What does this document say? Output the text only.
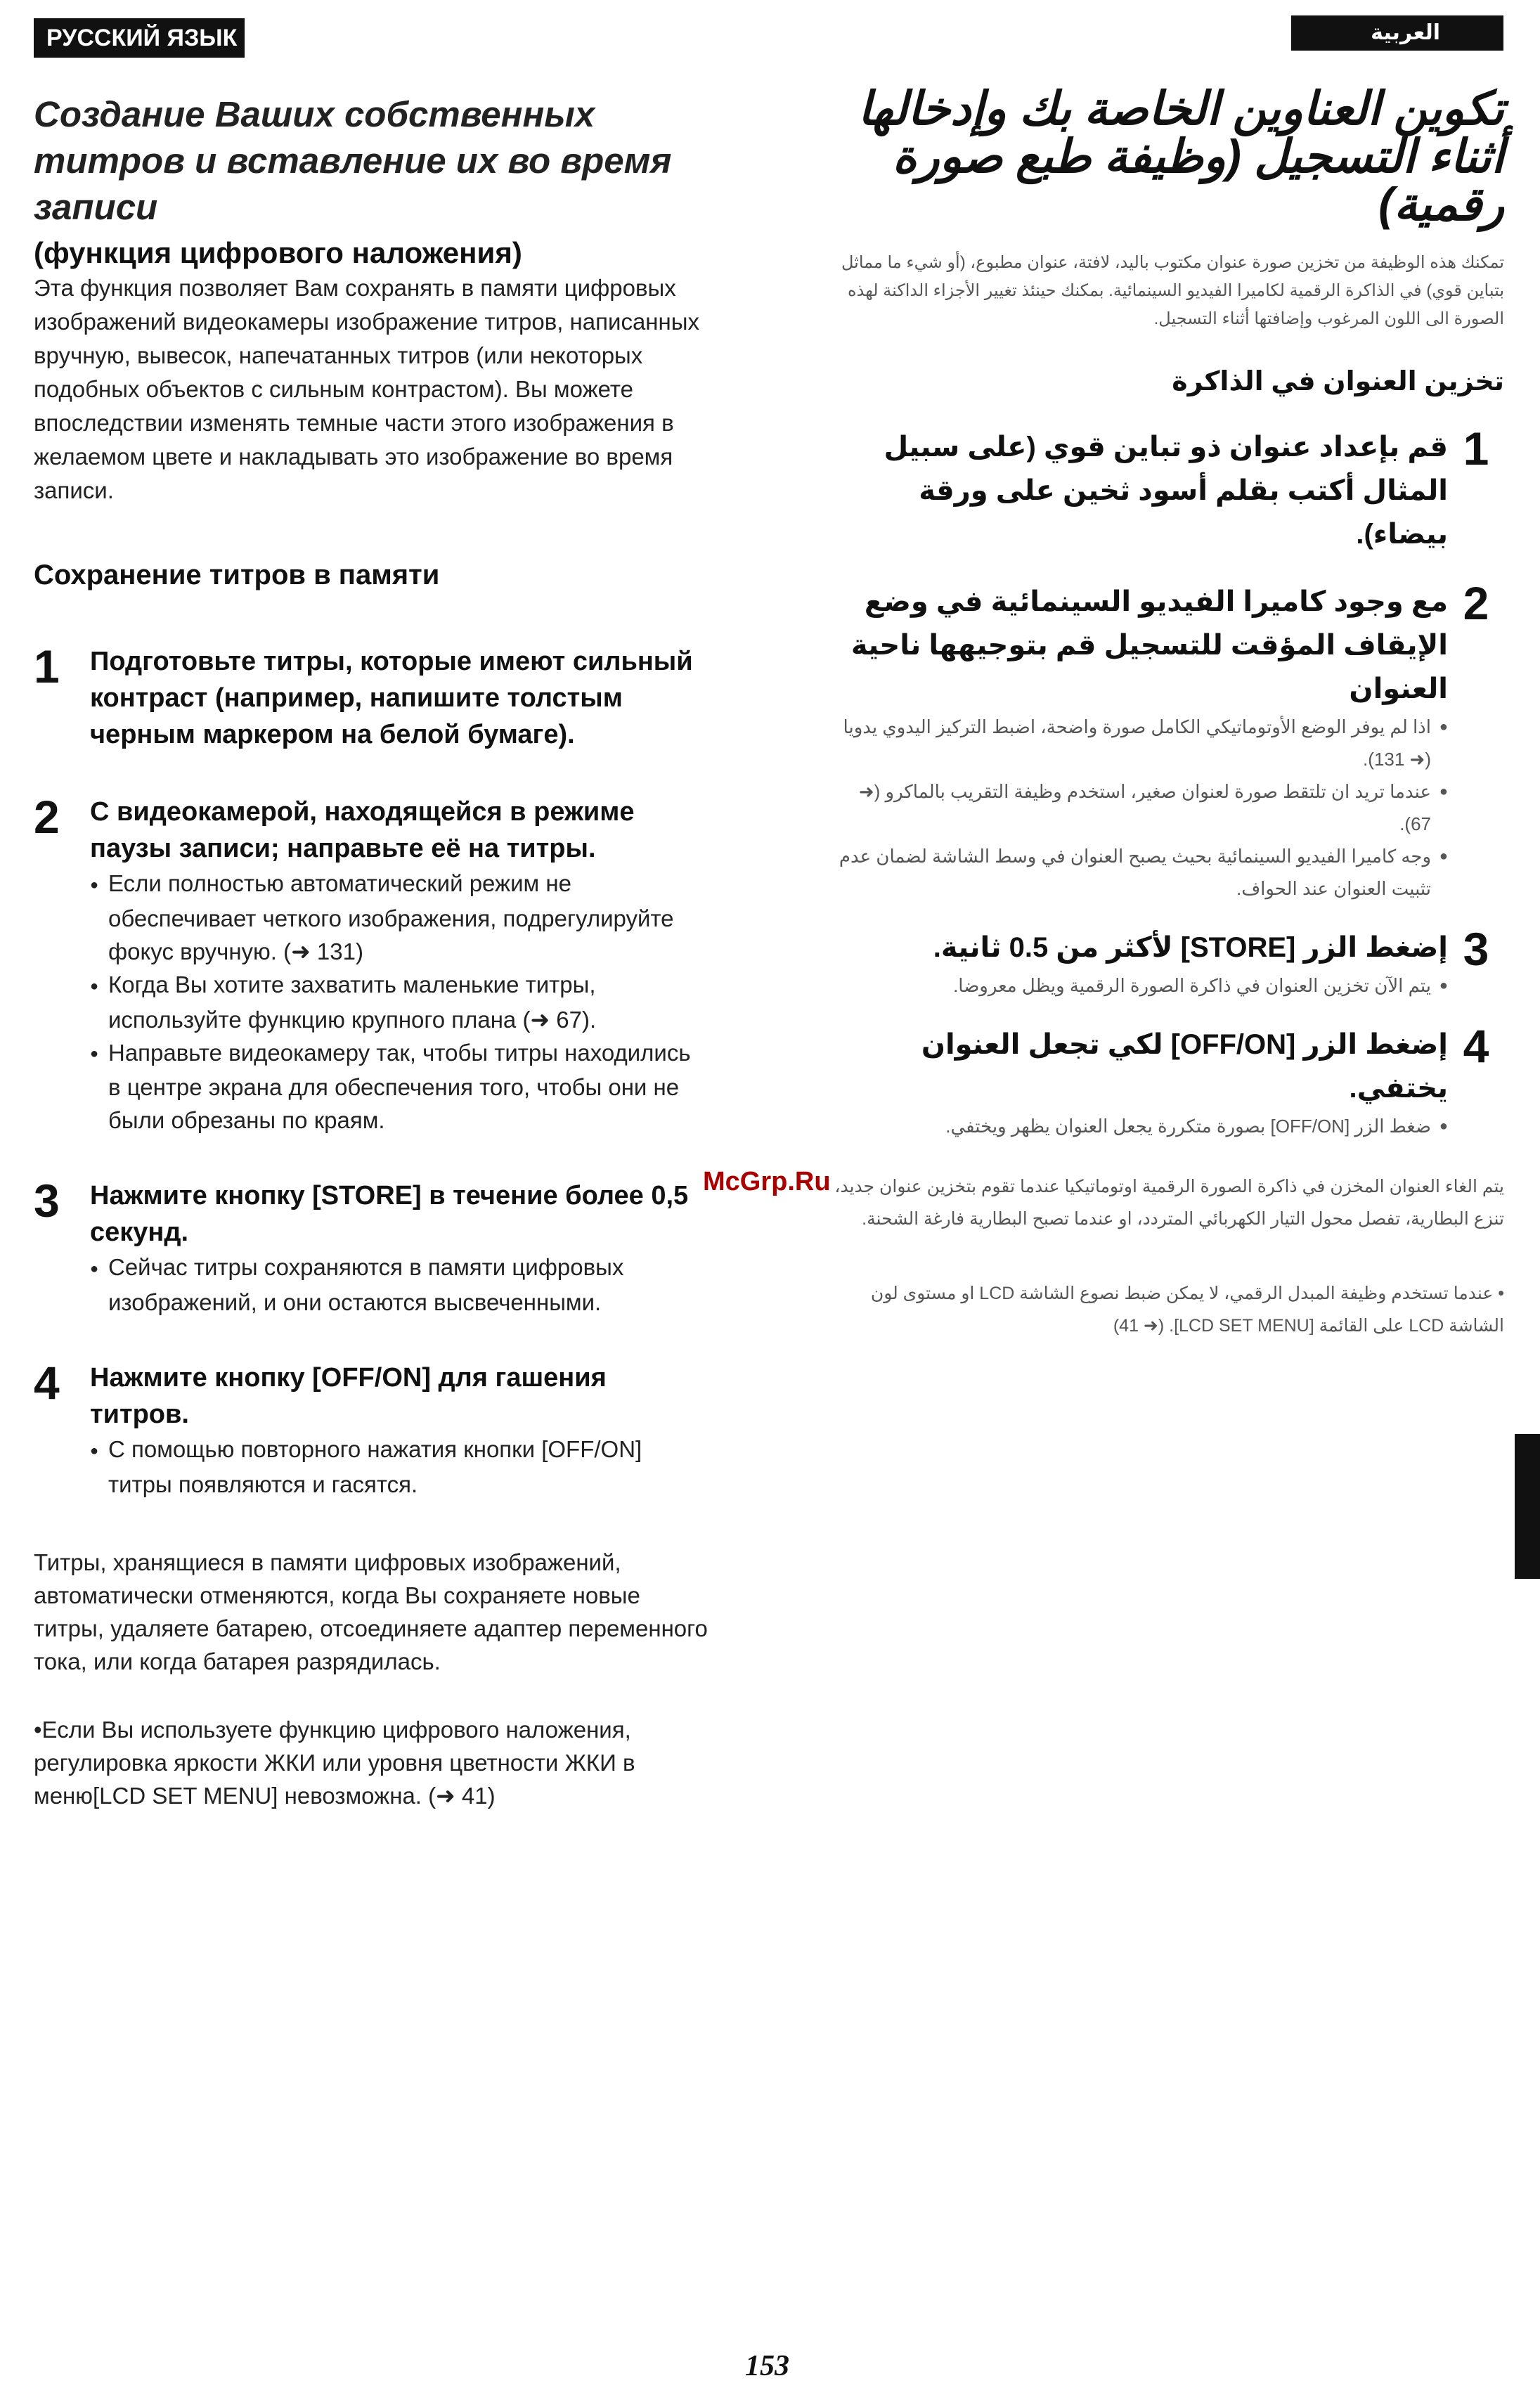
РУССКИЙ ЯЗЫК	العربية

Создание Ваших собственных титров и вставление их во время записи

(функция цифрового наложения)

Эта функция позволяет Вам сохранять в памяти цифровых изображений видеокамеры изображение титров, написанных вручную, вывесок, напечатанных титров (или некоторых подобных объектов с сильным контрастом). Вы можете впоследствии изменять темные части этого изображения в желаемом цвете и накладывать это изображение во время записи.

Сохранение титров в памяти
1	Подготовьте титры, которые имеют сильный контраст (например, напишите толстым черным маркером на белой бумаге).

2	С видеокамерой, находящейся в режиме паузы записи; направьте её на титры.

● Если полностью автоматический режим не обеспечивает четкого изображения, подрегулируйте фокус вручную. (➜ 131)
● Когда Вы хотите захватить маленькие титры, используйте функцию крупного плана (➜ 67).
● Направьте видеокамеру так, чтобы титры находились в центре экрана для обеспечения того, чтобы они не были обрезаны по краям.
3	Нажмите кнопку [STORE] в течение более 0,5 секунд.

● Сейчас титры сохраняются в памяти цифровых изображений, и они остаются высвеченными.
4	Нажмите кнопку [OFF/ON] для гашения титров.

● С помощью повторного нажатия кнопки [OFF/ON] титры появляются и гасятся.

Титры, хранящиеся в памяти цифровых изображений, автоматически отменяются, когда Вы сохраняете новые титры, удаляете батарею, отсоединяете адаптер переменного тока, или когда батарея разрядилась.

•Если Вы используете функцию цифрового наложения, регулировка яркости ЖКИ или уровня цветности ЖКИ в меню[LCD SET MENU] невозможна. (➜ 41)

تكوين العناوين الخاصة بك وإدخالها أثناء التسجيل (وظيفة طبع صورة رقمية)

تمكنك هذه الوظيفة من تخزين صورة عنوان مكتوب باليد، لافتة، عنوان مطبوع، (أو شيء ما مماثل بتباين قوي) في الذاكرة الرقمية لكاميرا الفيديو السينمائية. بمكنك حينئذ تغيير الأجزاء الداكنة لهذه الصورة الى اللون المرغوب وإضافتها أثناء التسجيل.

تخزين العنوان في الذاكرة
1

قم بإعداد عنوان ذو تباين قوي (على سبيل المثال أكتب بقلم أسود ثخين على ورقة بيضاء).

2

مع وجود كاميرا الفيديو السينمائية في وضع الإيقاف المؤقت للتسجيل قم بتوجيهها ناحية العنوان

● اذا لم يوفر الوضع الأوتوماتيكي الكامل صورة واضحة، اضبط التركيز اليدوي يدويا (➜ 131).
● عندما تريد ان تلتقط صورة لعنوان صغير، استخدم وظيفة التقريب بالماكرو (➜ 67).
● وجه كاميرا الفيديو السينمائية بحيث يصبح العنوان في وسط الشاشة لضمان عدم تثبيت العنوان عند الحواف.
3

إضغط الزر [STORE] لأكثر من 0.5 ثانية.

● يتم الآن تخزين العنوان في ذاكرة الصورة الرقمية ويظل معروضا.
4

إضغط الزر [OFF/ON] لكي تجعل العنوان يختفي.

● ضغط الزر [OFF/ON] بصورة متكررة يجعل العنوان يظهر ويختفي.

يتم الغاء العنوان المخزن في ذاكرة الصورة الرقمية اوتوماتيكيا عندما تقوم بتخزين عنوان جديد، تنزع البطارية، تفصل محول التيار الكهربائي المتردد، او عندما تصبح البطارية فارغة الشحنة.

• عندما تستخدم وظيفة المبدل الرقمي، لا يمكن ضبط نصوع الشاشة LCD او مستوى لون الشاشة LCD على القائمة [LCD SET MENU]. (➜ 41)

McGrp.Ru
153
